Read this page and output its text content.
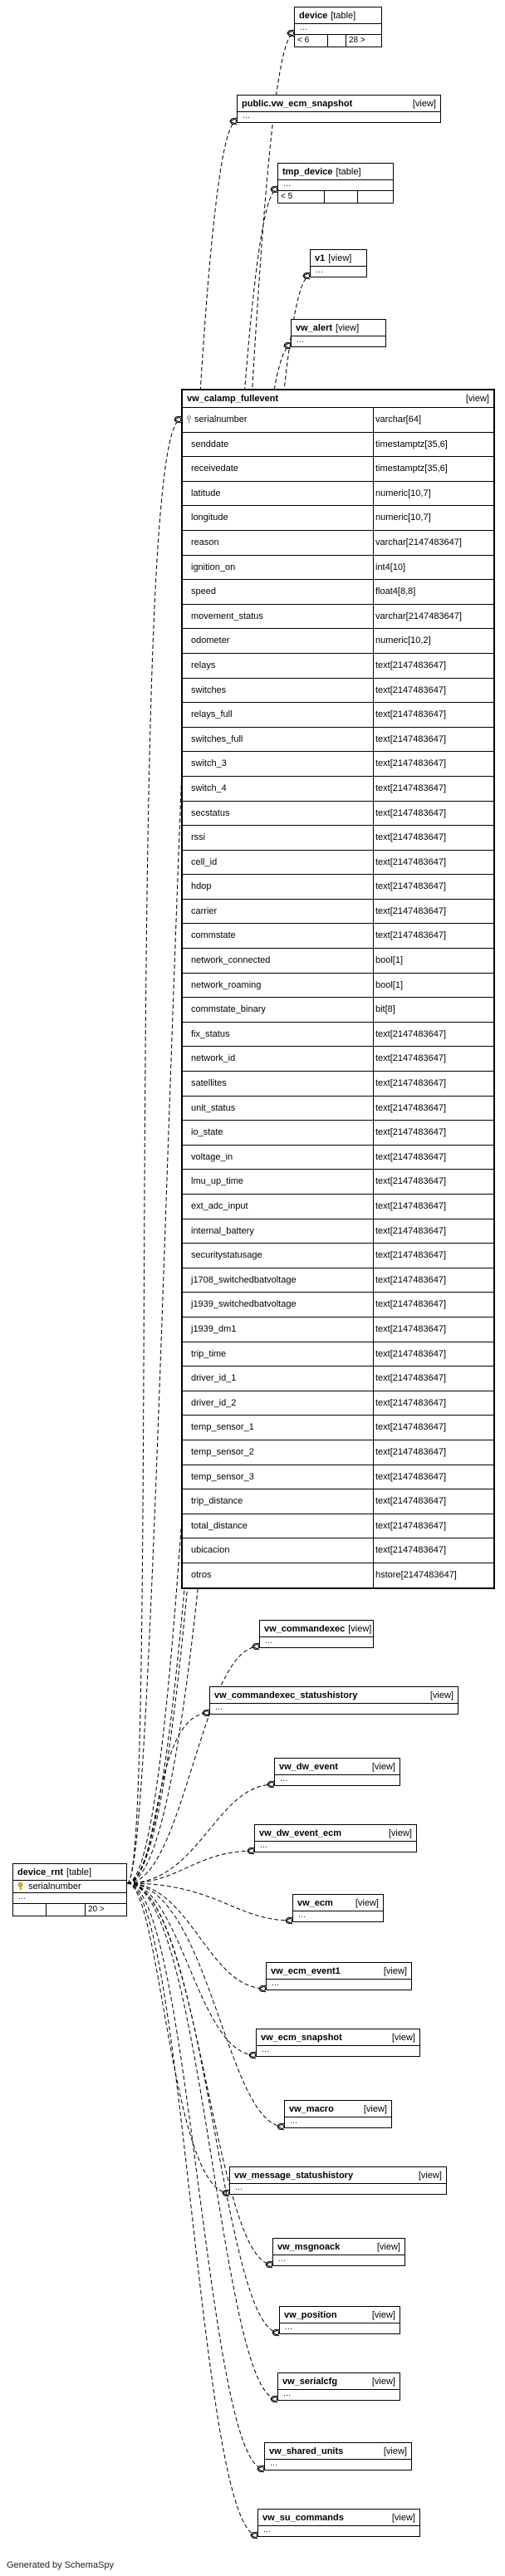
device [table]
...
< 6	28 >
public.vw_ecm_snapshot	[view]
...
tmp_device [table]
...
< 5
v1 [view]
...
vw_alert [view]
...
vw_calamp_fullevent	[view]
serialnumber	varchar[64]
senddate	timestamptz[35,6]
receivedate	timestamptz[35,6]
latitude	numeric[10,7]
longitude	numeric[10,7]
reason	varchar[2147483647]
ignition_on	int4[10]
speed	float4[8,8]
movement_status	varchar[2147483647]
odometer	numeric[10,2]
relays	text[2147483647]
switches	text[2147483647]
relays_full	text[2147483647]
switches_full	text[2147483647]
switch_3	text[2147483647]
switch_4	text[2147483647]
secstatus	text[2147483647]
rssi	text[2147483647]
cell_id	text[2147483647]
hdop	text[2147483647]
carrier	text[2147483647]
commstate	text[2147483647]
network_connected	bool[1]
network_roaming	bool[1]
commstate_binary	bit[8]
fix_status	text[2147483647]
network_id	text[2147483647]
satellites	text[2147483647]
unit_status	text[2147483647]
io_state	text[2147483647]
voltage_in	text[2147483647]
lmu_up_time	text[2147483647]
ext_adc_input	text[2147483647]
internal_battery	text[2147483647]
securitystatusage	text[2147483647]
j1708_switchedbatvoltage	text[2147483647]
j1939_switchedbatvoltage	text[2147483647]
j1939_dm1	text[2147483647]
trip_time	text[2147483647]
driver_id_1	text[2147483647]
driver_id_2	text[2147483647]
temp_sensor_1	text[2147483647]
temp_sensor_2	text[2147483647]
temp_sensor_3	text[2147483647]
trip_distance	text[2147483647]
total_distance	text[2147483647]
ubicacion	text[2147483647]
otros	hstore[2147483647]
device_rnt [table]
serialnumber
...
20 >
vw_commandexec [view]
...
vw_commandexec_statushistory	[view]
...
vw_dw_event	[view]
...
vw_dw_event_ecm	[view]
...
vw_ecm [view]
...
vw_ecm_event1	[view]
...
vw_ecm_snapshot	[view]
...
vw_macro	[view]
...
vw_message_statushistory	[view]
...
vw_msgnoack	[view]
...
vw_position	[view]
...
vw_serialcfg	[view]
...
vw_shared_units	[view]
...
vw_su_commands	[view]
...
Generated by SchemaSpy
